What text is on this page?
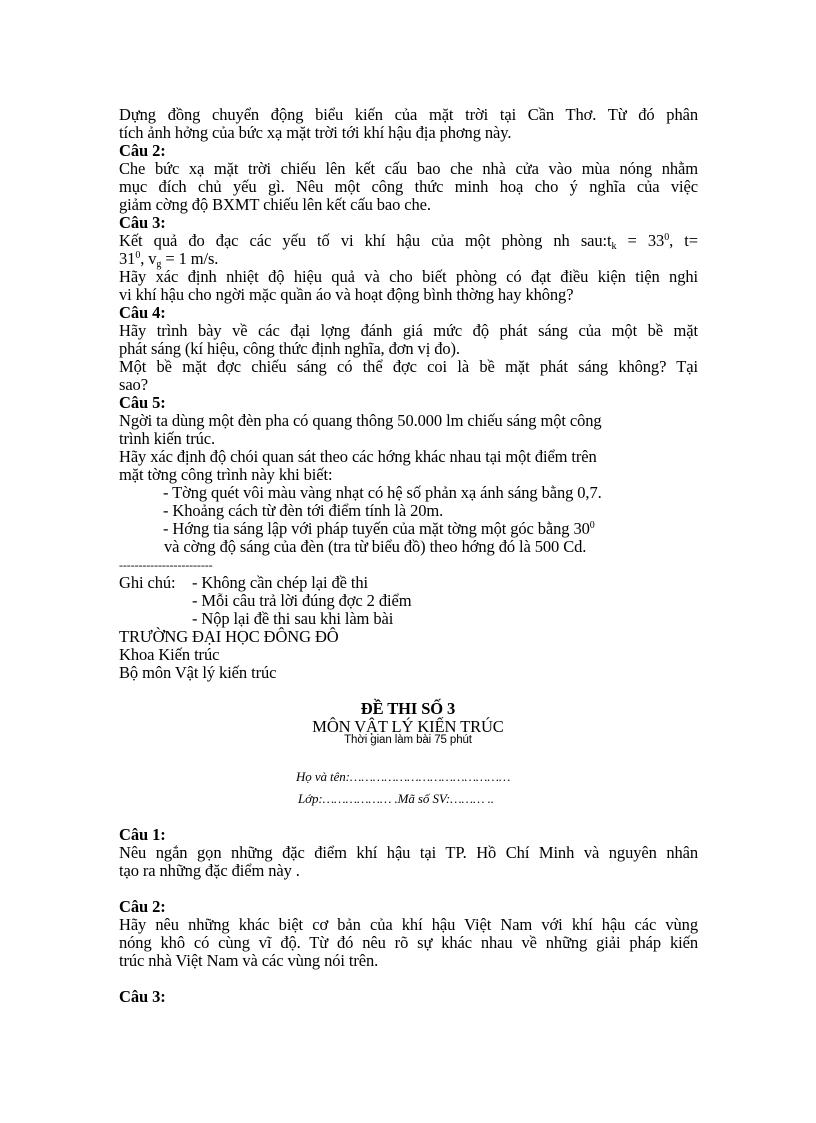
Dựng đồng chuyển động biểu kiến của mặt trời tại Cần Thơ. Từ đó phân
tích ảnh hởng của bức xạ mặt trời tới khí hậu địa phơng này.
Câu 2:
Che bức xạ mặt trời chiếu lên kết cấu bao che nhà cửa vào mùa nóng nhằm
mục đích chủ yếu gì. Nêu một công thức minh hoạ cho ý nghĩa của việc
giảm cờng độ BXMT chiếu lên kết cấu bao che.
Câu 3:
Kết quả đo đạc các yếu tố vi khí hậu của một phòng nh $sau:t_k = 33^0$, t=
$31^0$, $v_g = 1$ m/s.
Hãy xác định nhiệt độ hiệu quả và cho biết phòng có đạt điều kiện tiện nghi
vi khí hậu cho ngời mặc quần áo và hoạt động bình thờng hay không?
Câu 4:
Hãy trình bày về các đại lợng đánh giá mức độ phát sáng của một bề mặt
phát sáng (kí hiệu, công thức định nghĩa, đơn vị đo).
Một bề mặt đợc chiếu sáng có thể đợc coi là bề mặt phát sáng không? Tại
sao?
Câu 5:
Ngời ta dùng một đèn pha có quang thông 50.000 lm chiếu sáng một công
trình kiến trúc.
Hãy xác định độ chói quan sát theo các hớng khác nhau tại một điểm trên
mặt tờng công trình này khi biết:
- Tờng quét vôi màu vàng nhạt có hệ số phản xạ ánh sáng bằng 0,7.
- Khoảng cách từ đèn tới điểm tính là 20m.
- Hớng tia sáng lập với pháp tuyến của mặt tờng một góc bằng $30^0$
và cờng độ sáng của đèn (tra từ biểu đồ) theo hớng đó là 500 Cd.
------------------------
Ghi chú: - Không cần chép lại đề thi
- Mỗi câu trả lời đúng đợc 2 điểm
- Nộp lại đề thi sau khi làm bài
TRƯỜNG ĐẠI HỌC ĐÔNG ĐÔ
Khoa Kiến trúc
Bộ môn Vật lý kiến trúc
ĐỀ THI SỐ 3
MÔN VẬT LÝ KIẾN TRÚC
Thời gian làm bài 75 phút
Họ và tên:……………………………………
Lớp:……………… .Mã số SV:……… ..
Câu 1:
Nêu ngắn gọn những đặc điểm khí hậu tại TP. Hồ Chí Minh và nguyên nhân
tạo ra những đặc điểm này .
Câu 2:
Hãy nêu những khác biệt cơ bản của khí hậu Việt Nam với khí hậu các vùng
nóng khô có cùng vĩ độ. Từ đó nêu rõ sự khác nhau về những giải pháp kiến
trúc nhà Việt Nam và các vùng nói trên.
Câu 3:
